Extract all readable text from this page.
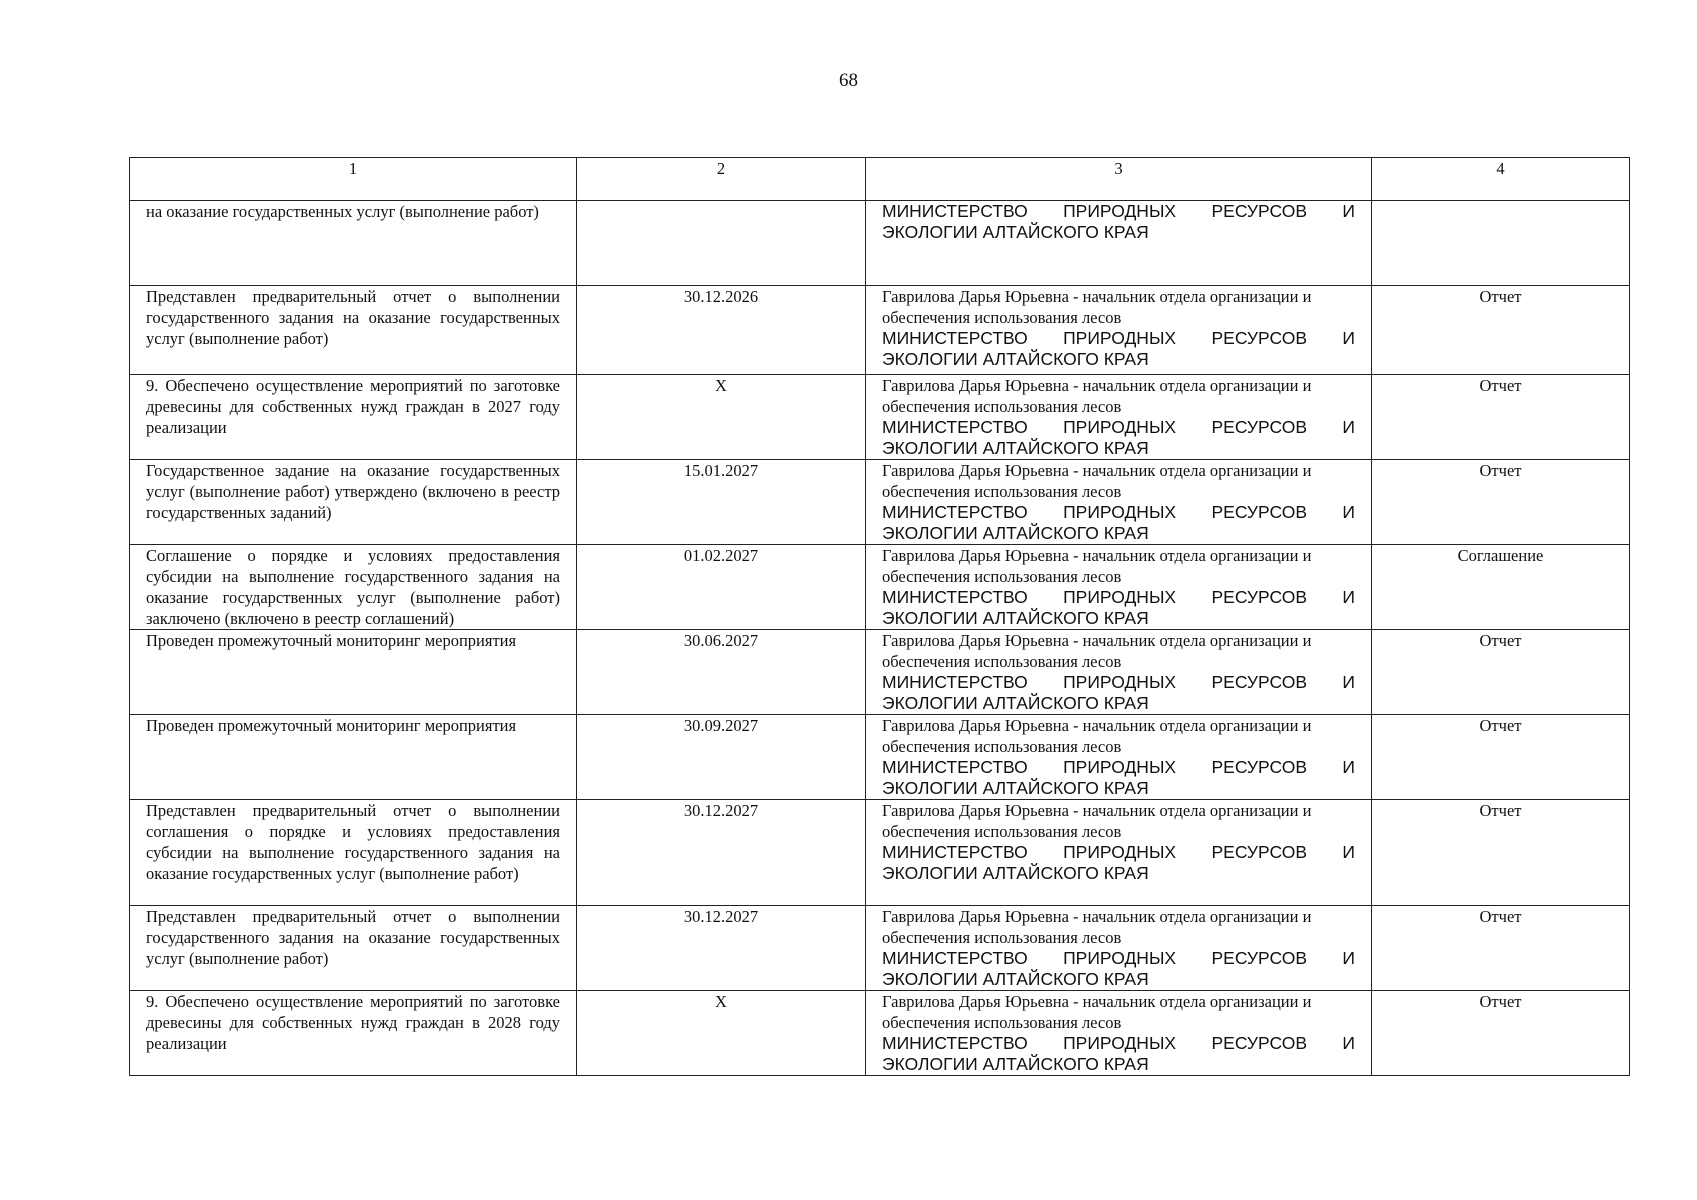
68
1	2	3	4
на оказание государственных услуг (выполнение работ)		МИНИСТЕРСТВО ПРИРОДНЫХ РЕСУРСОВ И
ЭКОЛОГИИ АЛТАЙСКОГО КРАЯ	

Представлен предварительный отчет о выполнении государственного задания на оказание государственных услуг (выполнение работ)	30.12.2026	Гаврилова Дарья Юрьевна - начальник отдела организации и обеспечения использования лесов
МИНИСТЕРСТВО ПРИРОДНЫХ РЕСУРСОВ И
ЭКОЛОГИИ АЛТАЙСКОГО КРАЯ	Отчет
9. Обеспечено осуществление мероприятий по заготовке древесины для собственных нужд граждан в 2027 году реализации	Х	Гаврилова Дарья Юрьевна - начальник отдела организации и обеспечения использования лесов
МИНИСТЕРСТВО ПРИРОДНЫХ РЕСУРСОВ И
ЭКОЛОГИИ АЛТАЙСКОГО КРАЯ	Отчет
Государственное задание на оказание государственных услуг (выполнение работ) утверждено (включено в реестр государственных заданий)	15.01.2027	Гаврилова Дарья Юрьевна - начальник отдела организации и обеспечения использования лесов
МИНИСТЕРСТВО ПРИРОДНЫХ РЕСУРСОВ И
ЭКОЛОГИИ АЛТАЙСКОГО КРАЯ	Отчет
Соглашение о порядке и условиях предоставления субсидии на выполнение государственного задания на оказание государственных услуг (выполнение работ) заключено (включено в реестр соглашений)	01.02.2027	Гаврилова Дарья Юрьевна - начальник отдела организации и обеспечения использования лесов
МИНИСТЕРСТВО ПРИРОДНЫХ РЕСУРСОВ И
ЭКОЛОГИИ АЛТАЙСКОГО КРАЯ	Соглашение
Проведен промежуточный мониторинг мероприятия	30.06.2027	Гаврилова Дарья Юрьевна - начальник отдела организации и обеспечения использования лесов
МИНИСТЕРСТВО ПРИРОДНЫХ РЕСУРСОВ И
ЭКОЛОГИИ АЛТАЙСКОГО КРАЯ	Отчет
Проведен промежуточный мониторинг мероприятия	30.09.2027	Гаврилова Дарья Юрьевна - начальник отдела организации и обеспечения использования лесов
МИНИСТЕРСТВО ПРИРОДНЫХ РЕСУРСОВ И
ЭКОЛОГИИ АЛТАЙСКОГО КРАЯ	Отчет
Представлен предварительный отчет о выполнении соглашения о порядке и условиях предоставления субсидии на выполнение государственного задания на оказание государственных услуг (выполнение работ)	30.12.2027	Гаврилова Дарья Юрьевна - начальник отдела организации и обеспечения использования лесов
МИНИСТЕРСТВО ПРИРОДНЫХ РЕСУРСОВ И
ЭКОЛОГИИ АЛТАЙСКОГО КРАЯ	Отчет
Представлен предварительный отчет о выполнении государственного задания на оказание государственных услуг (выполнение работ)	30.12.2027	Гаврилова Дарья Юрьевна - начальник отдела организации и обеспечения использования лесов
МИНИСТЕРСТВО ПРИРОДНЫХ РЕСУРСОВ И
ЭКОЛОГИИ АЛТАЙСКОГО КРАЯ	Отчет
9. Обеспечено осуществление мероприятий по заготовке древесины для собственных нужд граждан в 2028 году реализации	Х	Гаврилова Дарья Юрьевна - начальник отдела организации и обеспечения использования лесов
МИНИСТЕРСТВО ПРИРОДНЫХ РЕСУРСОВ И
ЭКОЛОГИИ АЛТАЙСКОГО КРАЯ	Отчет
